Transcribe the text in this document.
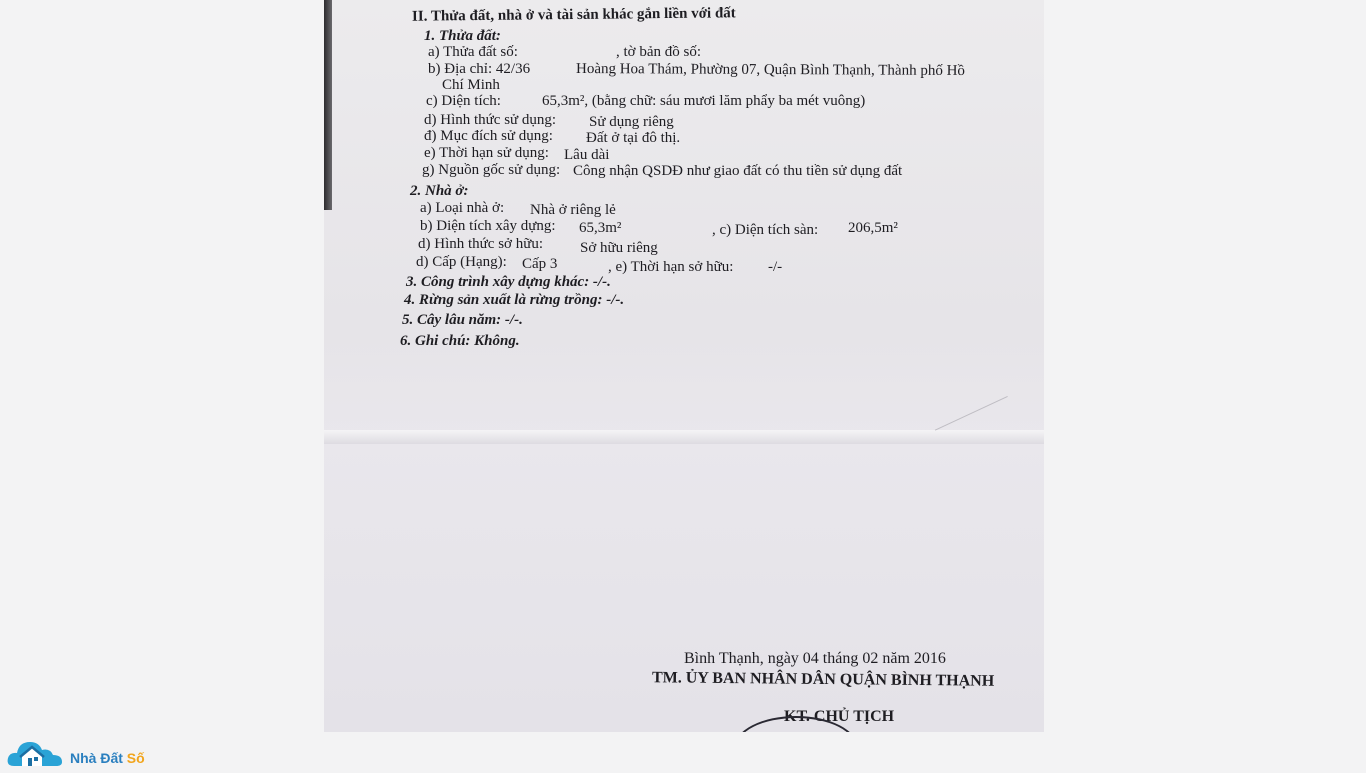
II. Thửa đất, nhà ở và tài sản khác gắn liền với đất
1. Thửa đất:
a) Thửa đất số:	, tờ bản đồ số:
b) Địa chỉ: 42/36	Hoàng Hoa Thám, Phường 07, Quận Bình Thạnh, Thành phố Hồ
Chí Minh
c) Diện tích:	65,3m², (bằng chữ: sáu mươi lăm phẩy ba mét vuông)
d) Hình thức sử dụng: Sử dụng riêng
đ) Mục đích sử dụng: Đất ở tại đô thị.
e) Thời hạn sử dụng: Lâu dài
g) Nguồn gốc sử dụng: Công nhận QSDĐ như giao đất có thu tiền sử dụng đất
2. Nhà ở:
a) Loại nhà ở: Nhà ở riêng lẻ
b) Diện tích xây dựng: 65,3m²	, c) Diện tích sàn: 206,5m²
d) Hình thức sở hữu: Sở hữu riêng
d) Cấp (Hạng): Cấp 3	, e) Thời hạn sở hữu: -/-
3. Công trình xây dựng khác: -/-.
4. Rừng sản xuất là rừng trồng: -/-.
5. Cây lâu năm: -/-.
6. Ghi chú: Không.
Bình Thạnh, ngày 04 tháng 02 năm 2016
TM. ỦY BAN NHÂN DÂN QUẬN BÌNH THẠNH
KT. CHỦ TỊCH
Nhà Đất Số
